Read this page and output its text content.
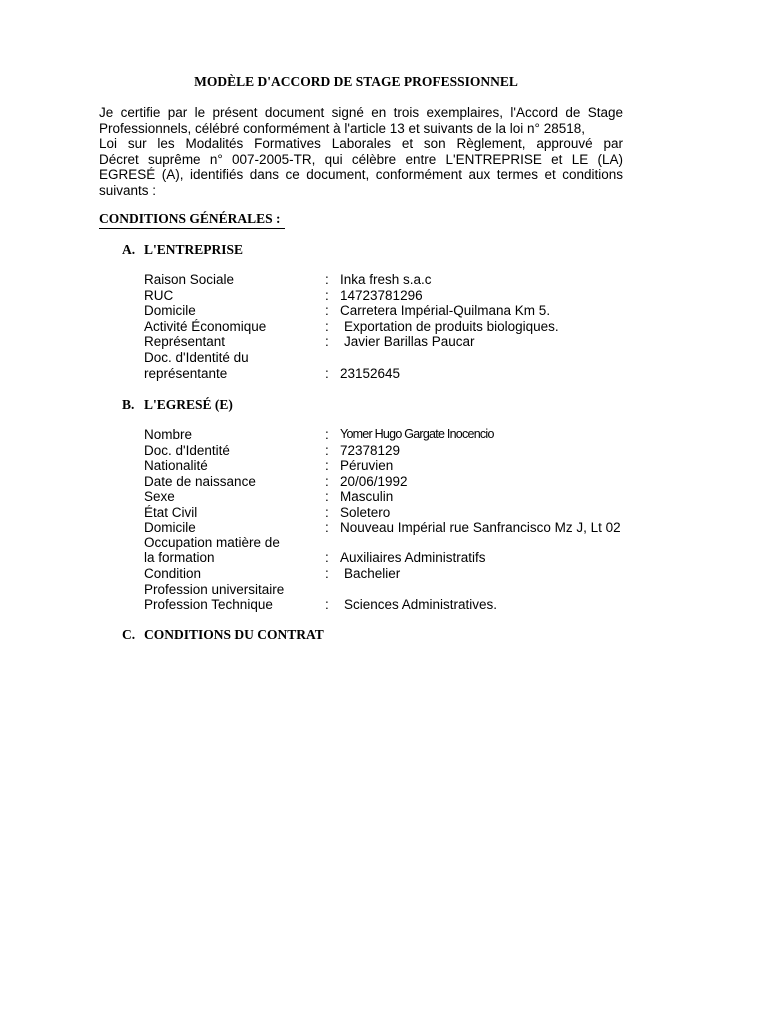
MODÈLE D'ACCORD DE STAGE PROFESSIONNEL
Je certifie par le présent document signé en trois exemplaires, l'Accord de Stage
Professionnels, célébré conformément à l'article 13 et suivants de la loi n° 28518,
Loi sur les Modalités Formatives Laborales et son Règlement, approuvé par
Décret suprême n° 007-2005-TR, qui célèbre entre L'ENTREPRISE et LE (LA)
EGRESÉ (A), identifiés dans ce document, conformément aux termes et conditions
suivants :
CONDITIONS GÉNÉRALES :
A. L'ENTREPRISE
Raison Sociale	: Inka fresh s.a.c
RUC	: 14723781296
Domicile	: Carretera Impérial-Quilmana Km 5.
Activité Économique	: Exportation de produits biologiques.
Représentant	: Javier Barillas Paucar
Doc. d'Identité du
représentante	: 23152645
B. L'EGRESÉ (E)
Nombre	: Yomer Hugo Gargate Inocencio
Doc. d'Identité	: 72378129
Nationalité	: Péruvien
Date de naissance	: 20/06/1992
Sexe	: Masculin
État Civil	: Soletero
Domicile	: Nouveau Impérial rue Sanfrancisco Mz J, Lt 02
Occupation matière de
la formation	: Auxiliaires Administratifs
Condition	: Bachelier
Profession universitaire
Profession Technique	: Sciences Administratives.
C. CONDITIONS DU CONTRAT
